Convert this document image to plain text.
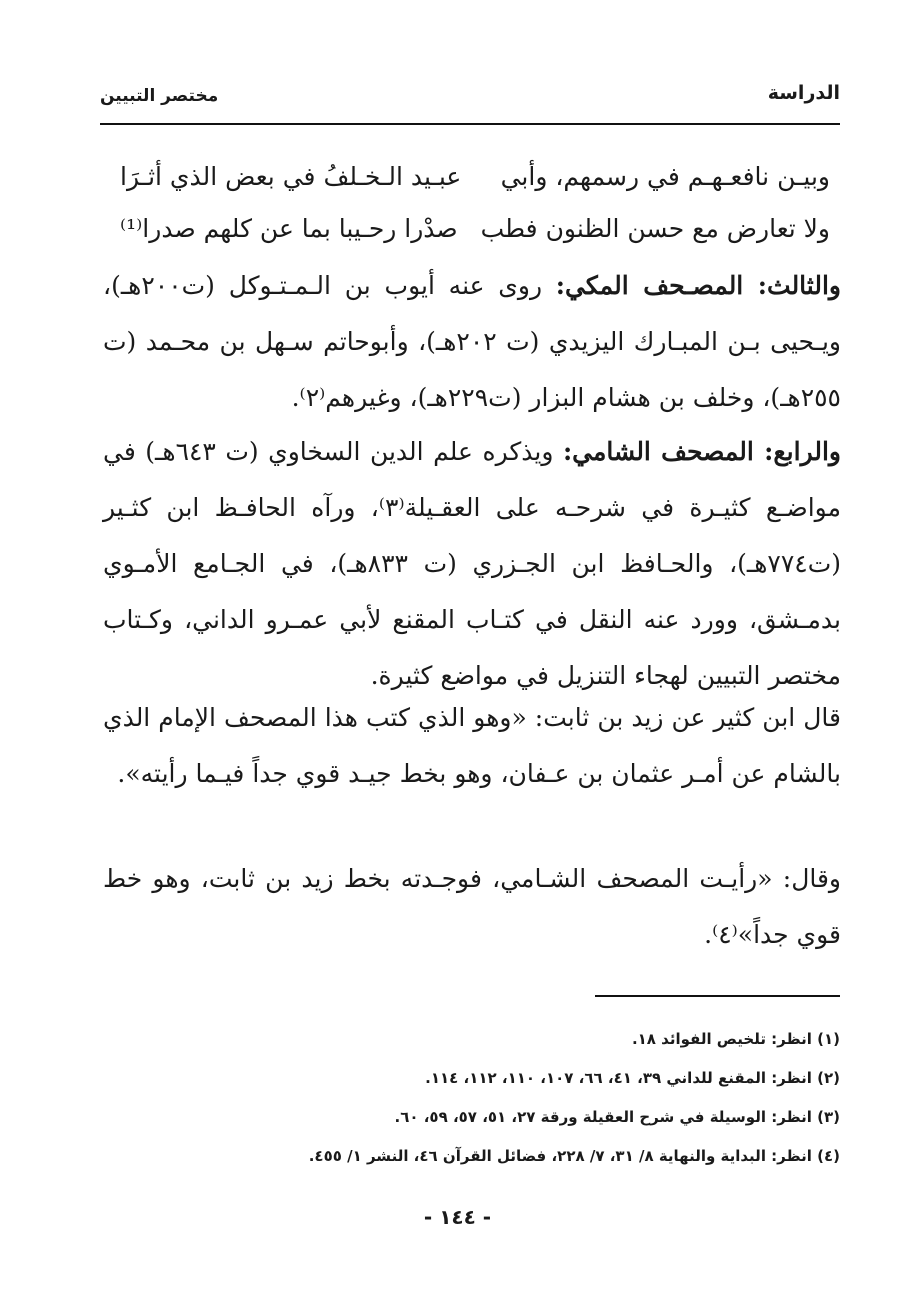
الدراسة
مختصر التبيين
وبيـن نافعـهـم في رسمهم، وأبي
عبـيد الـخـلفُ في بعض الذي أثـرَا
ولا تعارض مع حسن الظنون فطب
صدْرا رحـيبا بما عن كلهم صدرا⁽¹⁾
والثالث: المصـحف المكي: روى عنه أيوب بن الـمـتـوكل (ت٢٠٠هـ)، ويـحيى بـن المبـارك اليزيدي (ت ٢٠٢هـ)، وأبوحاتم سـهل بن محـمد (ت ٢٥٥هـ)، وخلف بن هشام البزار (ت٢٢٩هـ)، وغيرهم⁽٢⁾.
والرابع: المصحف الشامي: ويذكره علم الدين السخاوي (ت ٦٤٣هـ) في مواضـع كثيـرة في شرحـه على العقـيلة⁽٣⁾، ورآه الحافـظ ابن كثـير (ت٧٧٤هـ)، والحـافظ ابن الجـزري (ت ٨٣٣هـ)، في الجـامع الأمـوي بدمـشق، وورد عنه النقل في كتـاب المقنع لأبي عمـرو الداني، وكـتاب مختصر التبيين لهجاء التنزيل في مواضع كثيرة.
قال ابن كثير عن زيد بن ثابت: «وهو الذي كتب هذا المصحف الإمام الذي بالشام عن أمـر عثمان بن عـفان، وهو بخط جيـد قوي جداً فيـما رأيته».
وقال: «رأيـت المصحف الشـامي، فوجـدته بخط زيد بن ثابت، وهو خط قوي جداً»⁽٤⁾.
(١) انظر: تلخيص الفوائد ١٨.
(٢) انظر: المقنع للداني ٣٩، ٤١، ٦٦، ١٠٧، ١١٠، ١١٢، ١١٤.
(٣) انظر: الوسيلة في شرح العقيلة ورقة ٢٧، ٥١، ٥٧، ٥٩، ٦٠.
(٤) انظر: البداية والنهاية ٨/ ٣١، ٧/ ٢٢٨، فضائل القرآن ٤٦، النشر ١/ ٤٥٥.
- ١٤٤ -
